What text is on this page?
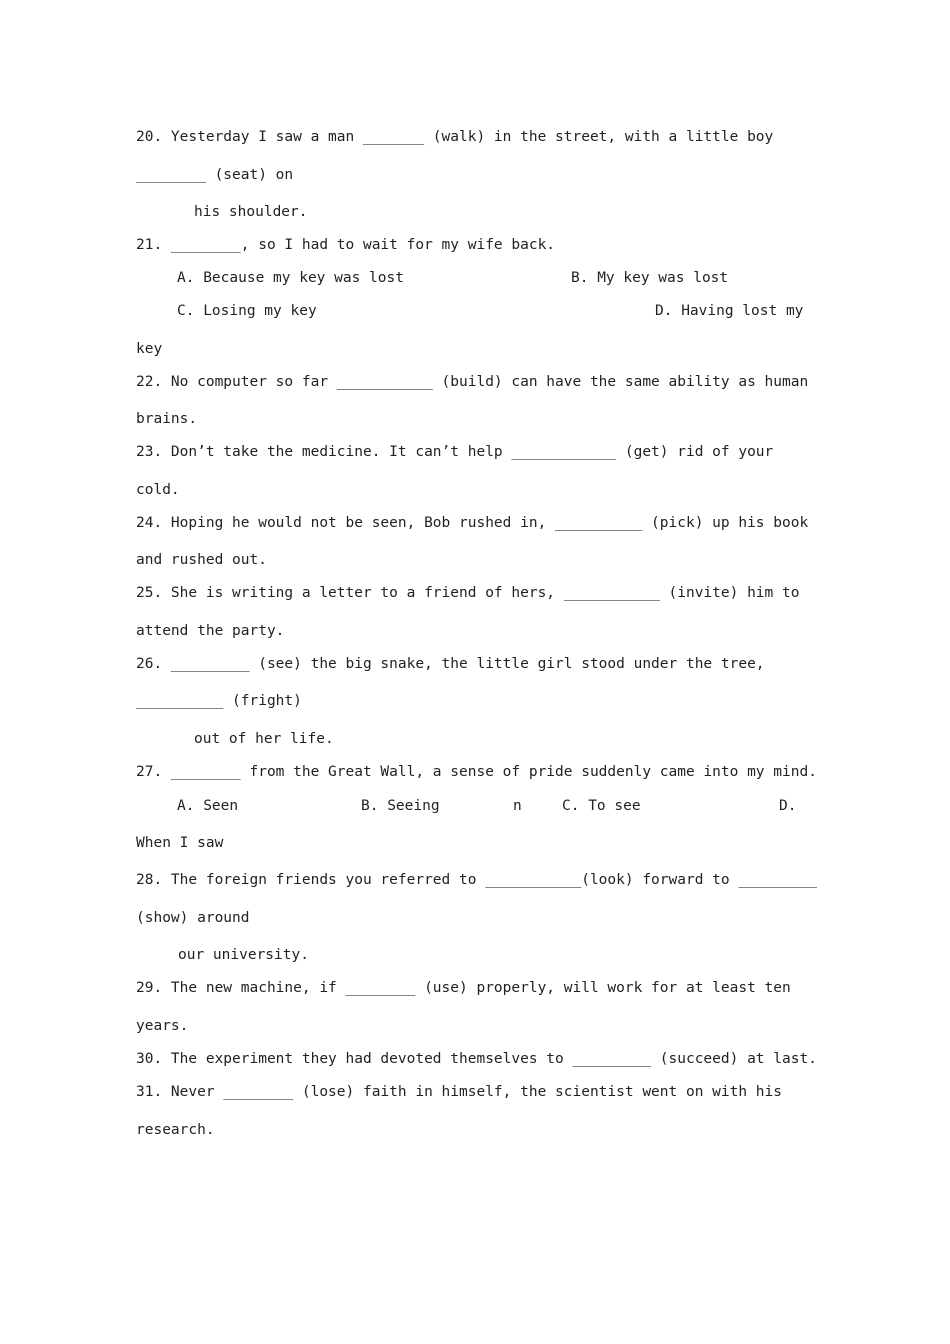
20. Yesterday I saw a man _______ (walk) in the street, with a little boy
________ (seat) on
his shoulder.
21. ________, so I had to wait for my wife back.
A. Because my key was lost	B. My key was lost
C. Losing my key	D. Having lost my
key
22. No computer so far ___________ (build) can have the same ability as human
brains.
23. Don’t take the medicine. It can’t help ____________ (get) rid of your
cold.
24. Hoping he would not be seen, Bob rushed in, __________ (pick) up his book
and rushed out.
25. She is writing a letter to a friend of hers, ___________ (invite) him to
attend the party.
26. _________ (see) the big snake, the little girl stood under the tree,
__________ (fright)
out of her life.
27. ________ from the Great Wall, a sense of pride suddenly came into my mind.
A. Seen	B. Seeing	n	C. To see	D.
When I saw
28. The foreign friends you referred to ___________(look) forward to _________
(show) around
our university.
29. The new machine, if ________ (use) properly, will work for at least ten
years.
30. The experiment they had devoted themselves to _________ (succeed) at last.
31. Never ________ (lose) faith in himself, the scientist went on with his
research.
